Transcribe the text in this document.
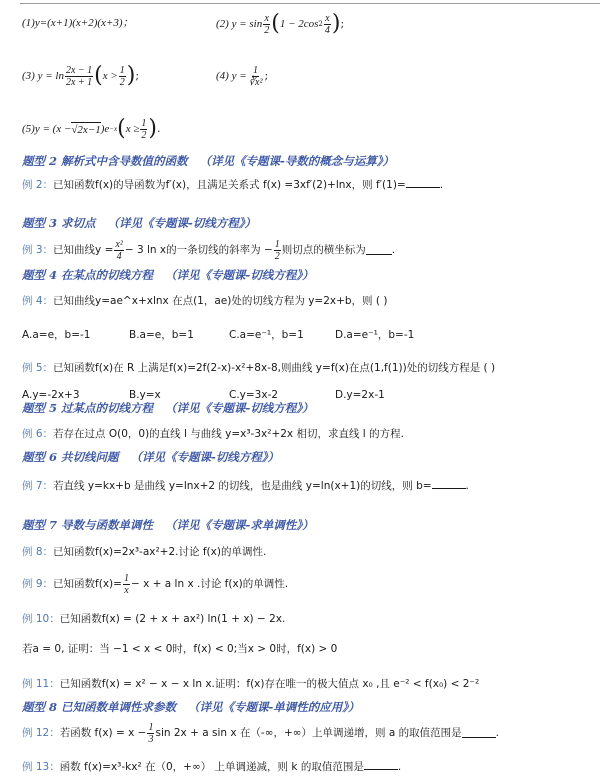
(1)y=(x+1)(x+2)(x+3)；	(2) $y = \sin \frac{x}{2}$ ( 1 − 2cos $2 \frac{x}{4}$ ) ;
(3) $y = \ln \frac{2x - 1}{2x + 1}$ ( $x > \frac{1}{2}$ ) ;	(4) $y = \frac{1}{\text{∛x²}}$ ;
(5)y = (x − √2x−1 )e −x ( $x \ge \frac{1}{2}$ ) .
题型 2 解析式中含导数值的函数 （详见《专题课-导数的概念与运算》）
例 2：已知函数f(x)的导函数为f′(x)，且满足关系式 f(x) =3xf′(2)+lnx，则 f′(1)=	.
题型 3 求切点 （详见《专题课-切线方程》）
例 3： 已知曲线$y = \frac{\text{x²}}{4} - 3$ ln x的一条切线的斜率为 − $\frac{1}{2}$ 则切点的横坐标为 .
题型 4 在某点的切线方程 （详见《专题课-切线方程》）
例 4：已知曲线y=ae^x+xlnx 在点(1，ae)处的切线方程为 y=2x+b，则 ( )
A.a=e，b=-1	B.a=e，b=1	C.a=e⁻¹，b=1	D.a=e⁻¹，b=-1
例 5：已知函数f(x)在 R 上满足f(x)=2f(2-x)-x²+8x-8,则曲线 y=f(x)在点(1,f(1))处的切线方程是 ( )
A.y=-2x+3	B.y=x	C.y=3x-2	D.y=2x-1
题型 5 过某点的切线方程 （详见《专题课-切线方程》）
例 6：若存在过点 O(0，0)的直线 l 与曲线 y=x³-3x²+2x 相切，求直线 l 的方程.
题型 6 共切线问题 （详见《专题课-切线方程》）
例 7：若直线 y=kx+b 是曲线 y=lnx+2 的切线，也是曲线 y=ln(x+1)的切线，则 b=	.
题型 7 导数与函数单调性 （详见《专题课-求单调性》）
例 8：已知函数f(x)=2x³-ax²+2.讨论 f(x)的单调性.
例 9： 已知函数$f(x)= \frac{1}{x} - x + a$ ln x .讨论 f(x)的单调性.
例 10：已知函数f(x) = (2 + x + ax²) ln(1 + x) − 2x.
若a = 0, 证明：当 −1 < x < 0时，f(x) < 0;当x > 0时，f(x) > 0
例 11：已知函数f(x) = x² − x − x ln x.证明：f(x)存在唯一的极大值点 x₀ ,且 e⁻² < f(x₀) < 2⁻²
题型 8 已知函数单调性求参数 （详见《专题课-单调性的应用》）
例 12： 若函数 $f(x) = x - \frac{1}{3}$ sin 2x + a sin x 在（-∞，+∞）上单调递增，则 a 的取值范围是	.
例 13：函数 f(x)=x³-kx² 在（0，+∞） 上单调递减，则 k 的取值范围是	.
